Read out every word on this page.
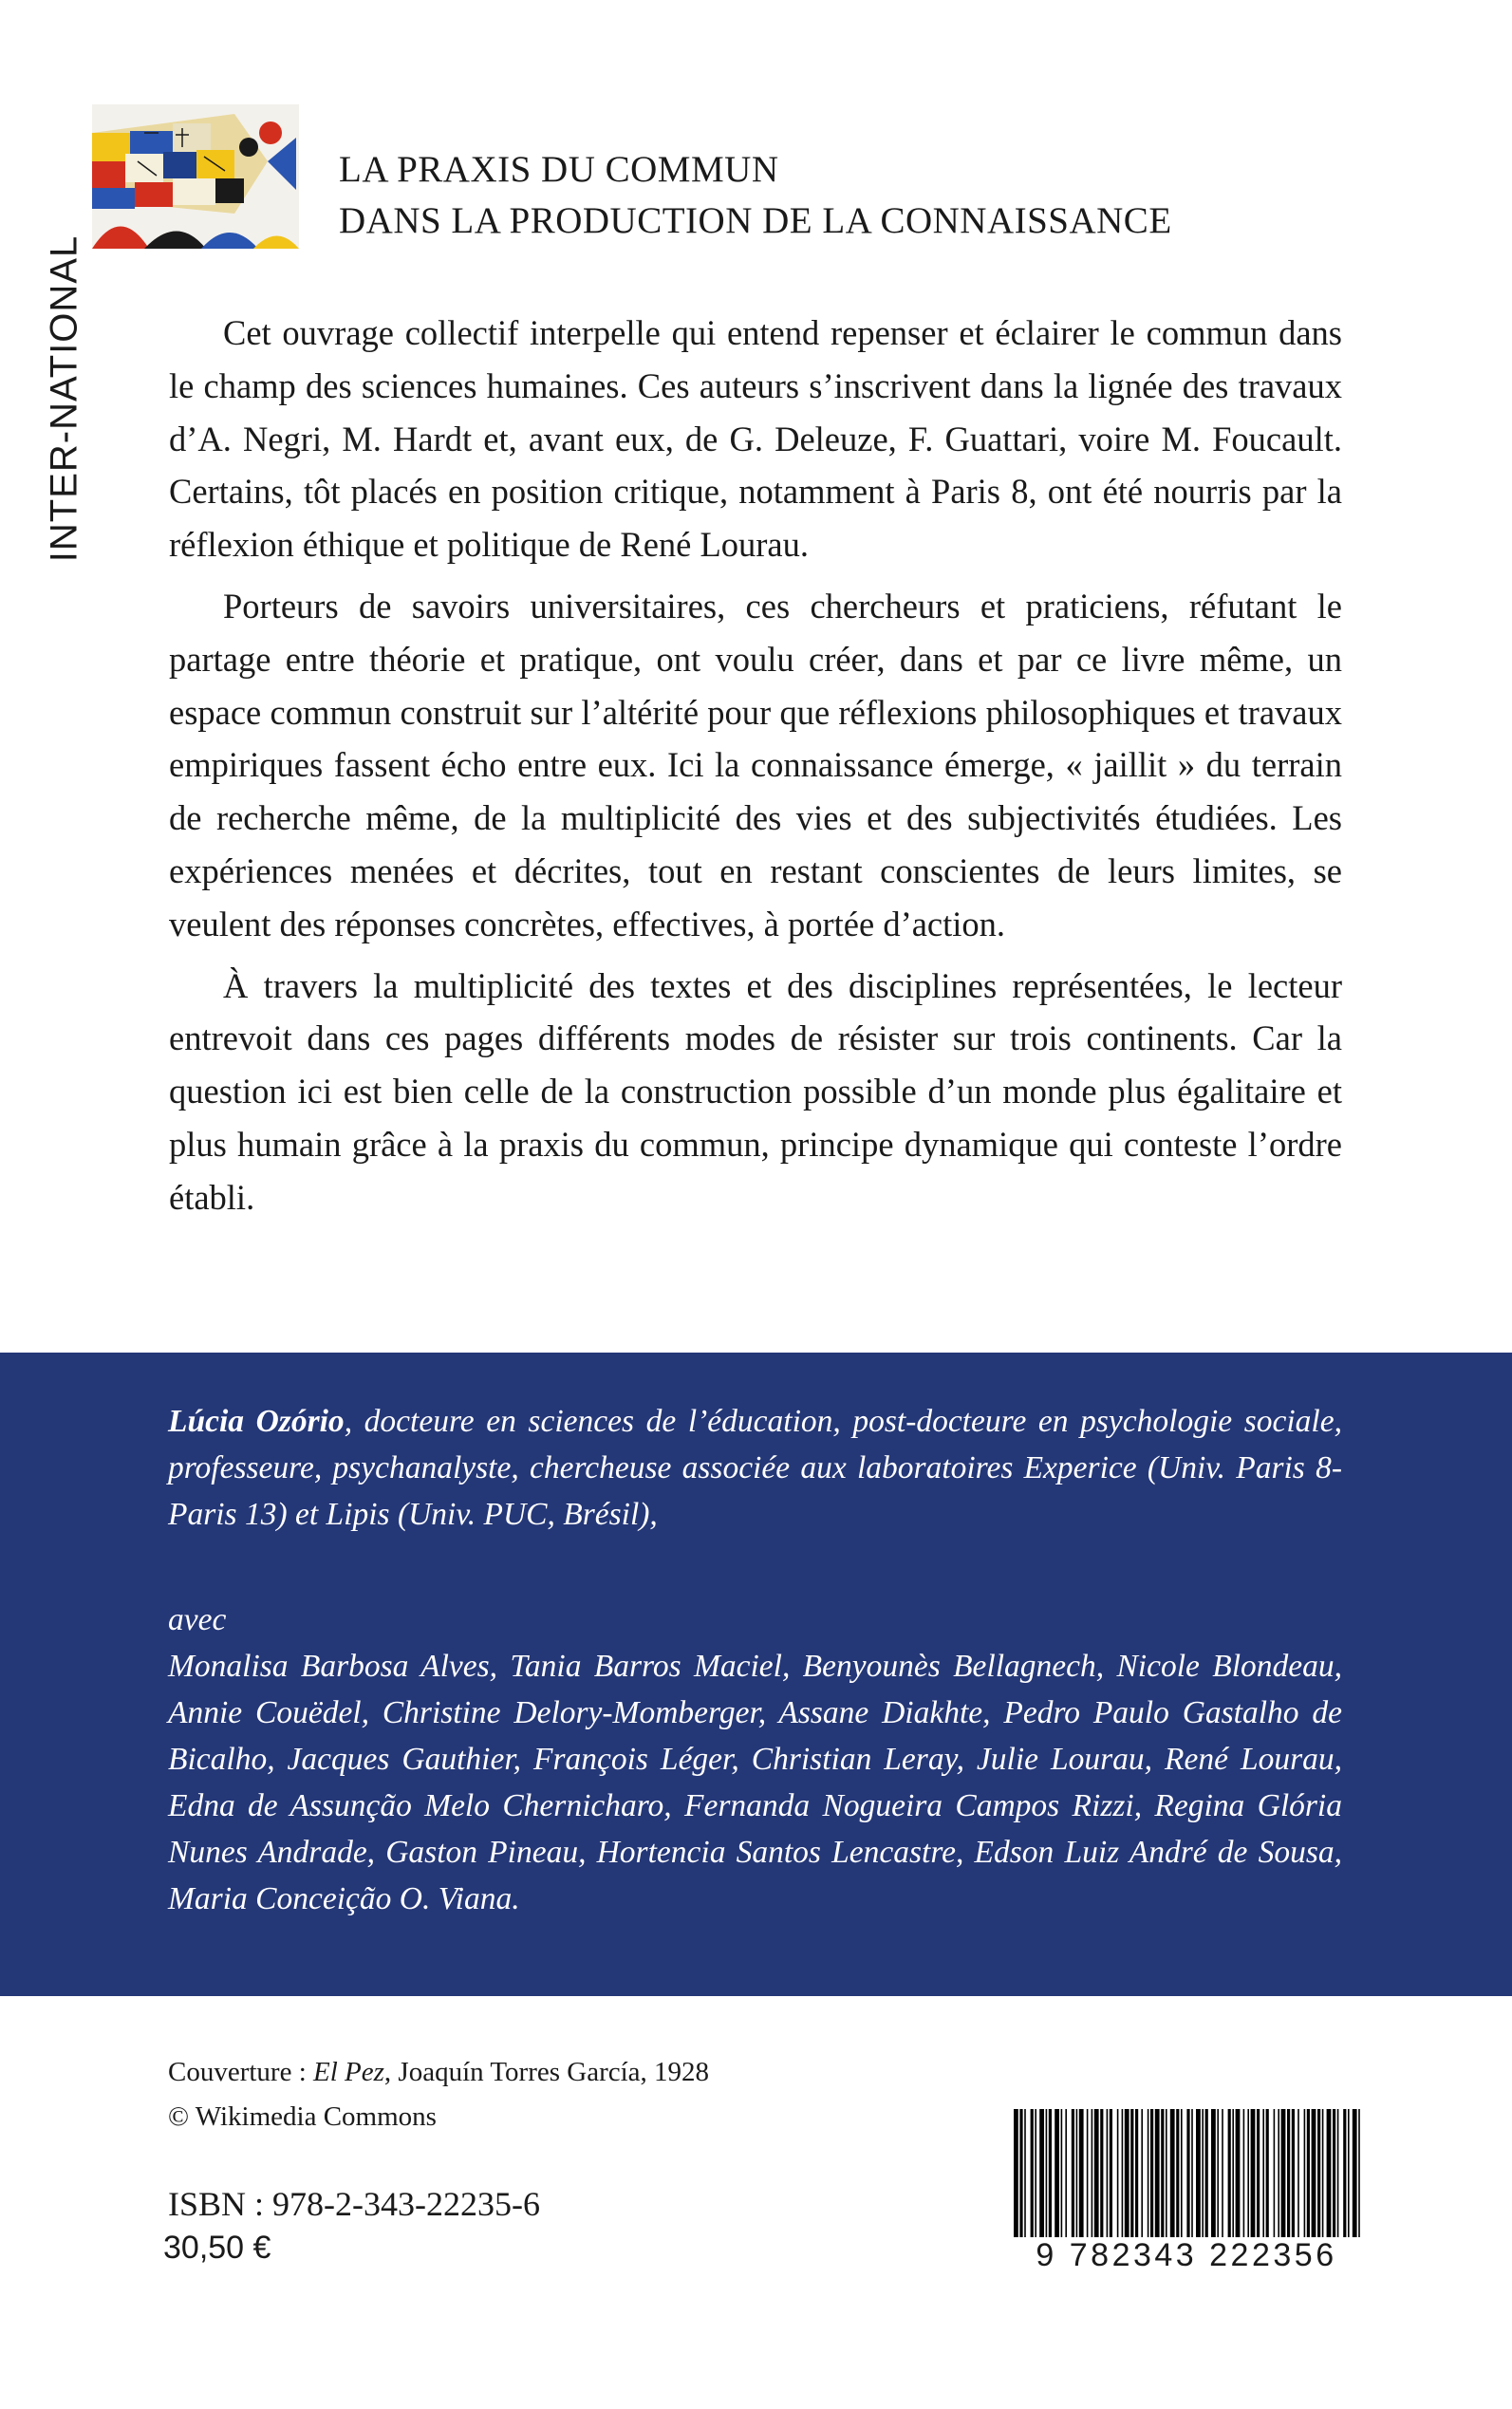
INTER-NATIONAL
LA PRAXIS DU COMMUN
DANS LA PRODUCTION DE LA CONNAISSANCE

Cet ouvrage collectif interpelle qui entend repenser et éclairer le commun dans le champ des sciences humaines. Ces auteurs s’inscrivent dans la lignée des travaux d’A. Negri, M. Hardt et, avant eux, de G. Deleuze, F. Guattari, voire M. Foucault. Certains, tôt placés en position critique, notamment à Paris 8, ont été nourris par la réflexion éthique et politique de René Lourau.

Porteurs de savoirs universitaires, ces chercheurs et praticiens, réfutant le partage entre théorie et pratique, ont voulu créer, dans et par ce livre même, un espace commun construit sur l’altérité pour que réflexions philosophiques et travaux empiriques fassent écho entre eux. Ici la connaissance émerge, « jaillit » du terrain de recherche même, de la multiplicité des vies et des subjectivités étudiées. Les expériences menées et décrites, tout en restant conscientes de leurs limites, se veulent des réponses concrètes, effectives, à portée d’action.

À travers la multiplicité des textes et des disciplines représentées, le lecteur entrevoit dans ces pages différents modes de résister sur trois continents. Car la question ici est bien celle de la construction possible d’un monde plus égalitaire et plus humain grâce à la praxis du commun, principe dynamique qui conteste l’ordre établi.

Lúcia Ozório, docteure en sciences de l’éducation, post-docteure en psychologie sociale, professeure, psychanalyste, chercheuse associée aux laboratoires Experice (Univ. Paris 8-Paris 13) et Lipis (Univ. PUC, Brésil),

avec

Monalisa Barbosa Alves, Tania Barros Maciel, Benyounès Bellagnech, Nicole Blondeau, Annie Couëdel, Christine Delory-Momberger, Assane Diakhte, Pedro Paulo Gastalho de Bicalho, Jacques Gauthier, François Léger, Christian Leray, Julie Lourau, René Lourau, Edna de Assunção Melo Chernicharo, Fernanda Nogueira Campos Rizzi, Regina Glória Nunes Andrade, Gaston Pineau, Hortencia Santos Lencastre, Edson Luiz André de Sousa, Maria Conceição O. Viana.

Couverture : El Pez, Joaquín Torres García, 1928
© Wikimedia Commons
ISBN : 978-2-343-22235-6
30,50 €	9 782343 222356
